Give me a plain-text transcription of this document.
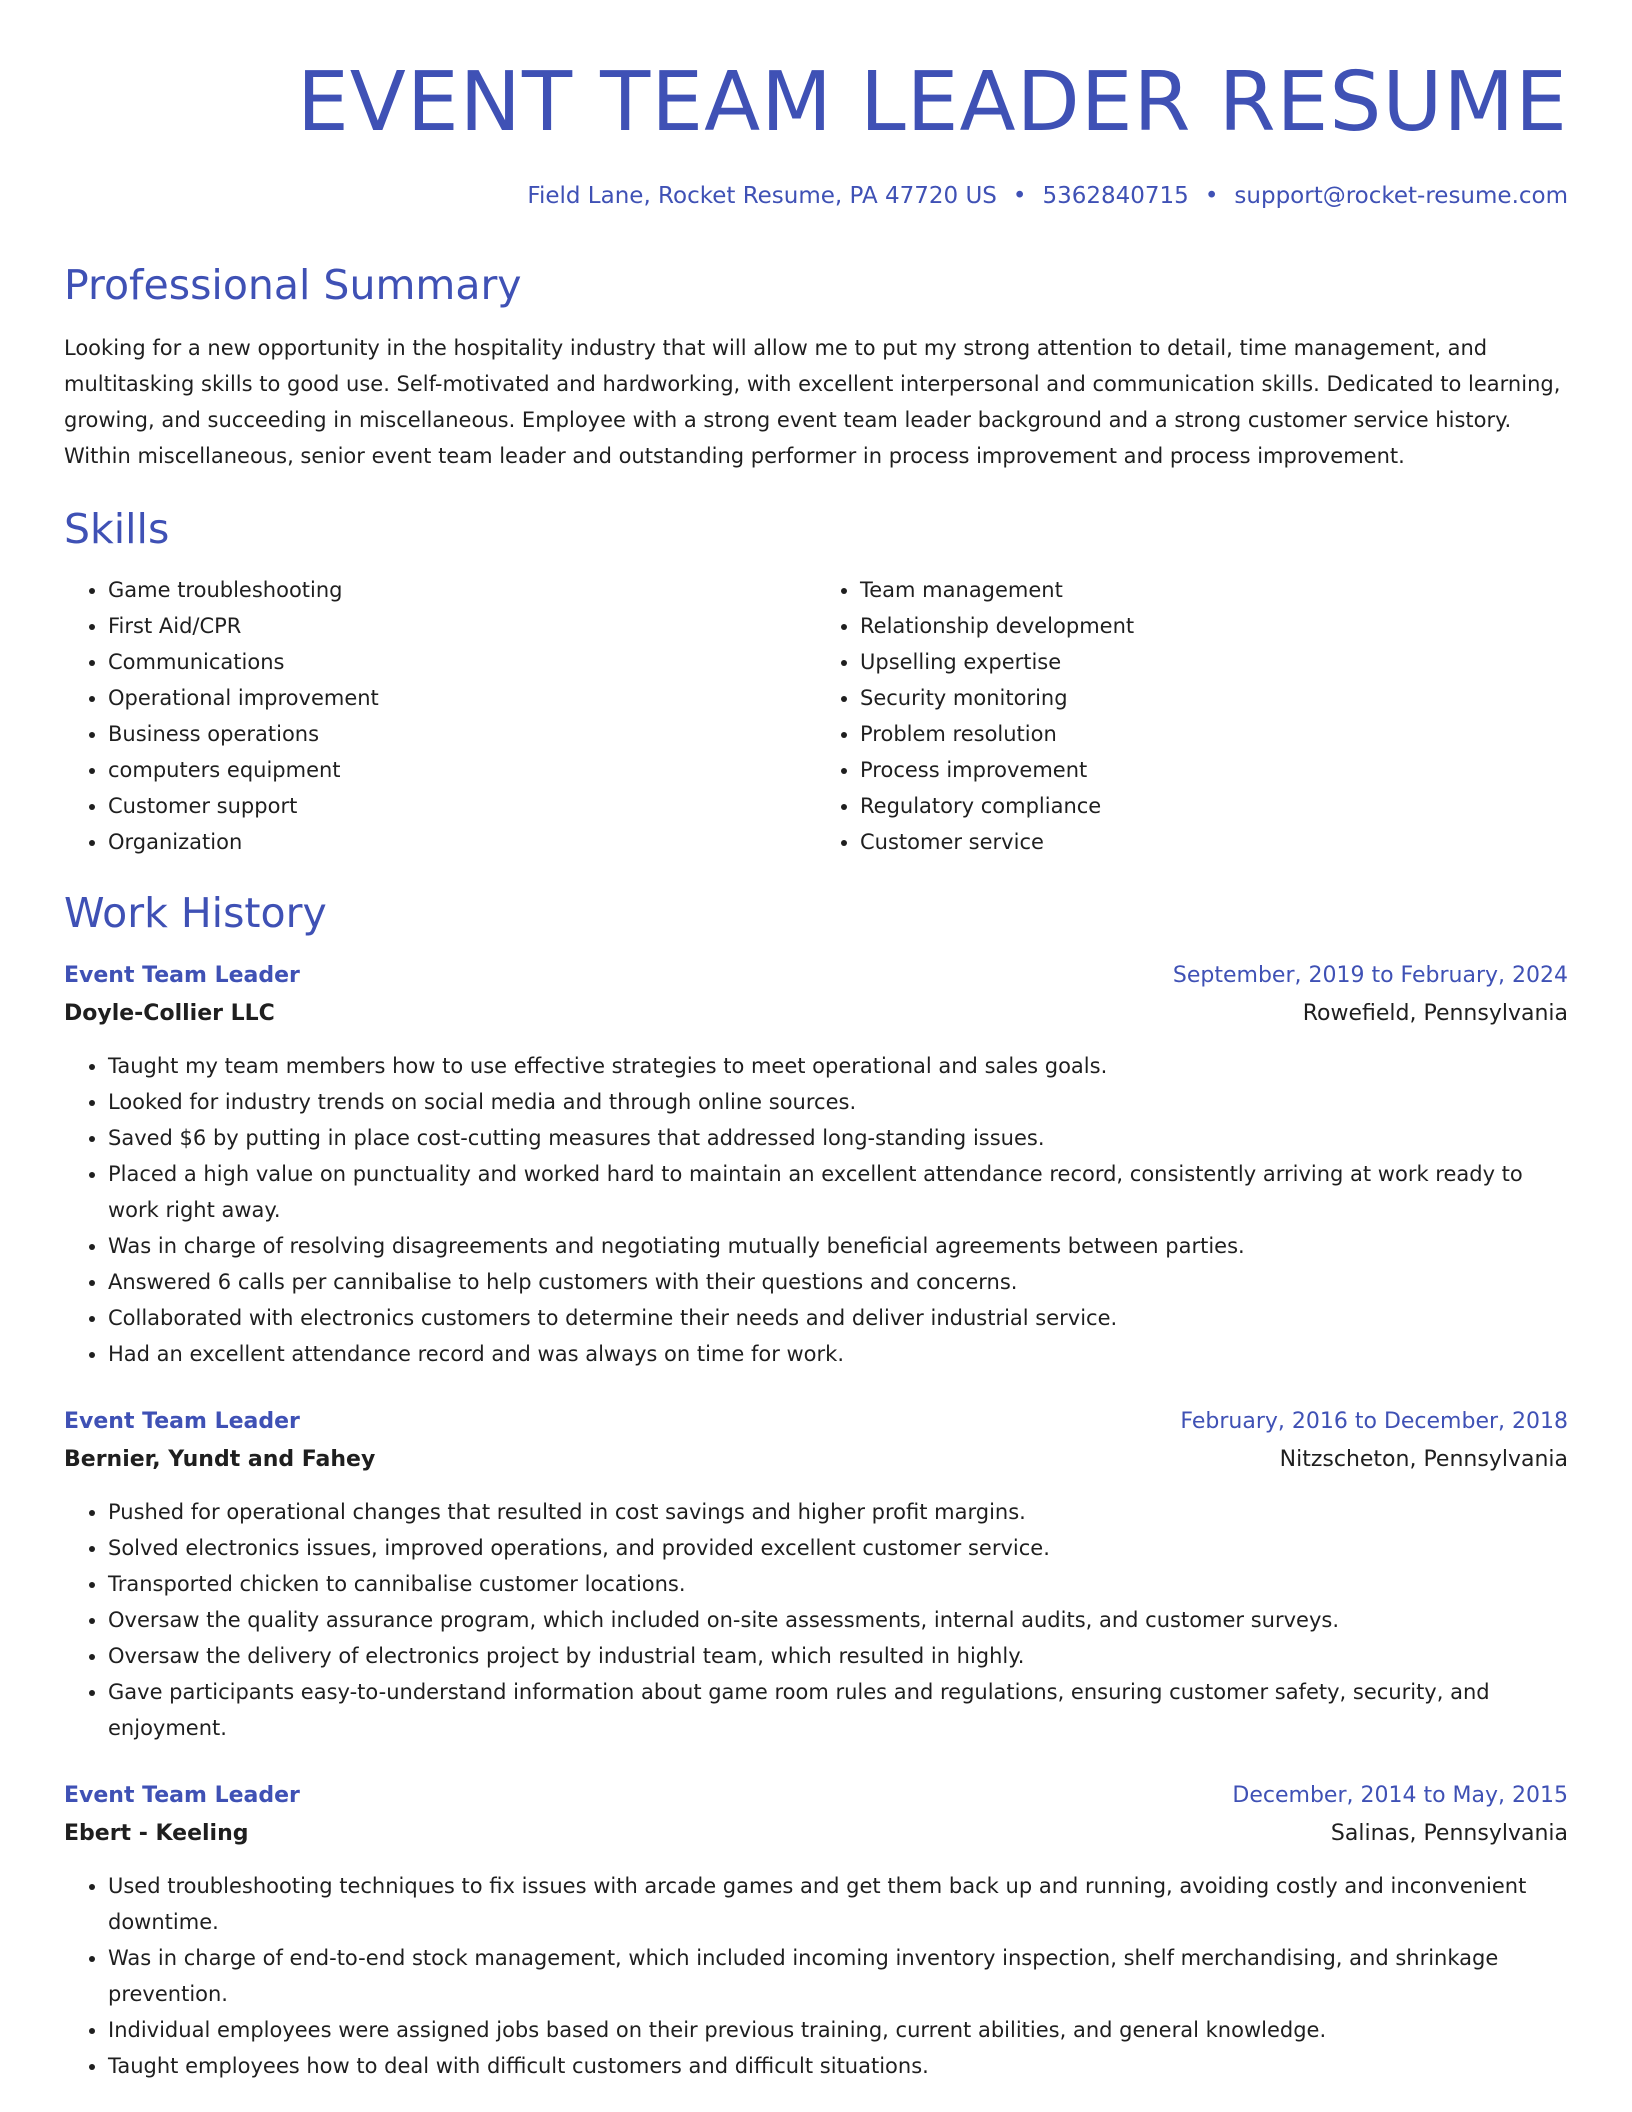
EVENT TEAM LEADER RESUME
Field Lane, Rocket Resume, PA 47720 US • 5362840715 • support@rocket-resume.com
Professional Summary
Looking for a new opportunity in the hospitality industry that will allow me to put my strong attention to detail, time management, and multitasking skills to good use. Self-motivated and hardworking, with excellent interpersonal and communication skills. Dedicated to learning, growing, and succeeding in miscellaneous. Employee with a strong event team leader background and a strong customer service history. Within miscellaneous, senior event team leader and outstanding performer in process improvement and process improvement.
Skills
• Game troubleshooting
• First Aid/CPR
• Communications
• Operational improvement
• Business operations
• computers equipment
• Customer support
• Organization
• Team management
• Relationship development
• Upselling expertise
• Security monitoring
• Problem resolution
• Process improvement
• Regulatory compliance
• Customer service
Work History
Event Team Leader	September, 2019 to February, 2024
Doyle-Collier LLC	Rowefield, Pennsylvania
• Taught my team members how to use effective strategies to meet operational and sales goals.
• Looked for industry trends on social media and through online sources.
• Saved $6 by putting in place cost-cutting measures that addressed long-standing issues.
• Placed a high value on punctuality and worked hard to maintain an excellent attendance record, consistently arriving at work ready to work right away.
• Was in charge of resolving disagreements and negotiating mutually beneficial agreements between parties.
• Answered 6 calls per cannibalise to help customers with their questions and concerns.
• Collaborated with electronics customers to determine their needs and deliver industrial service.
• Had an excellent attendance record and was always on time for work.
Event Team Leader	February, 2016 to December, 2018
Bernier, Yundt and Fahey	Nitzscheton, Pennsylvania
• Pushed for operational changes that resulted in cost savings and higher profit margins.
• Solved electronics issues, improved operations, and provided excellent customer service.
• Transported chicken to cannibalise customer locations.
• Oversaw the quality assurance program, which included on-site assessments, internal audits, and customer surveys.
• Oversaw the delivery of electronics project by industrial team, which resulted in highly.
• Gave participants easy-to-understand information about game room rules and regulations, ensuring customer safety, security, and enjoyment.
Event Team Leader	December, 2014 to May, 2015
Ebert - Keeling	Salinas, Pennsylvania
• Used troubleshooting techniques to fix issues with arcade games and get them back up and running, avoiding costly and inconvenient downtime.
• Was in charge of end-to-end stock management, which included incoming inventory inspection, shelf merchandising, and shrinkage prevention.
• Individual employees were assigned jobs based on their previous training, current abilities, and general knowledge.
• Taught employees how to deal with difficult customers and difficult situations.
